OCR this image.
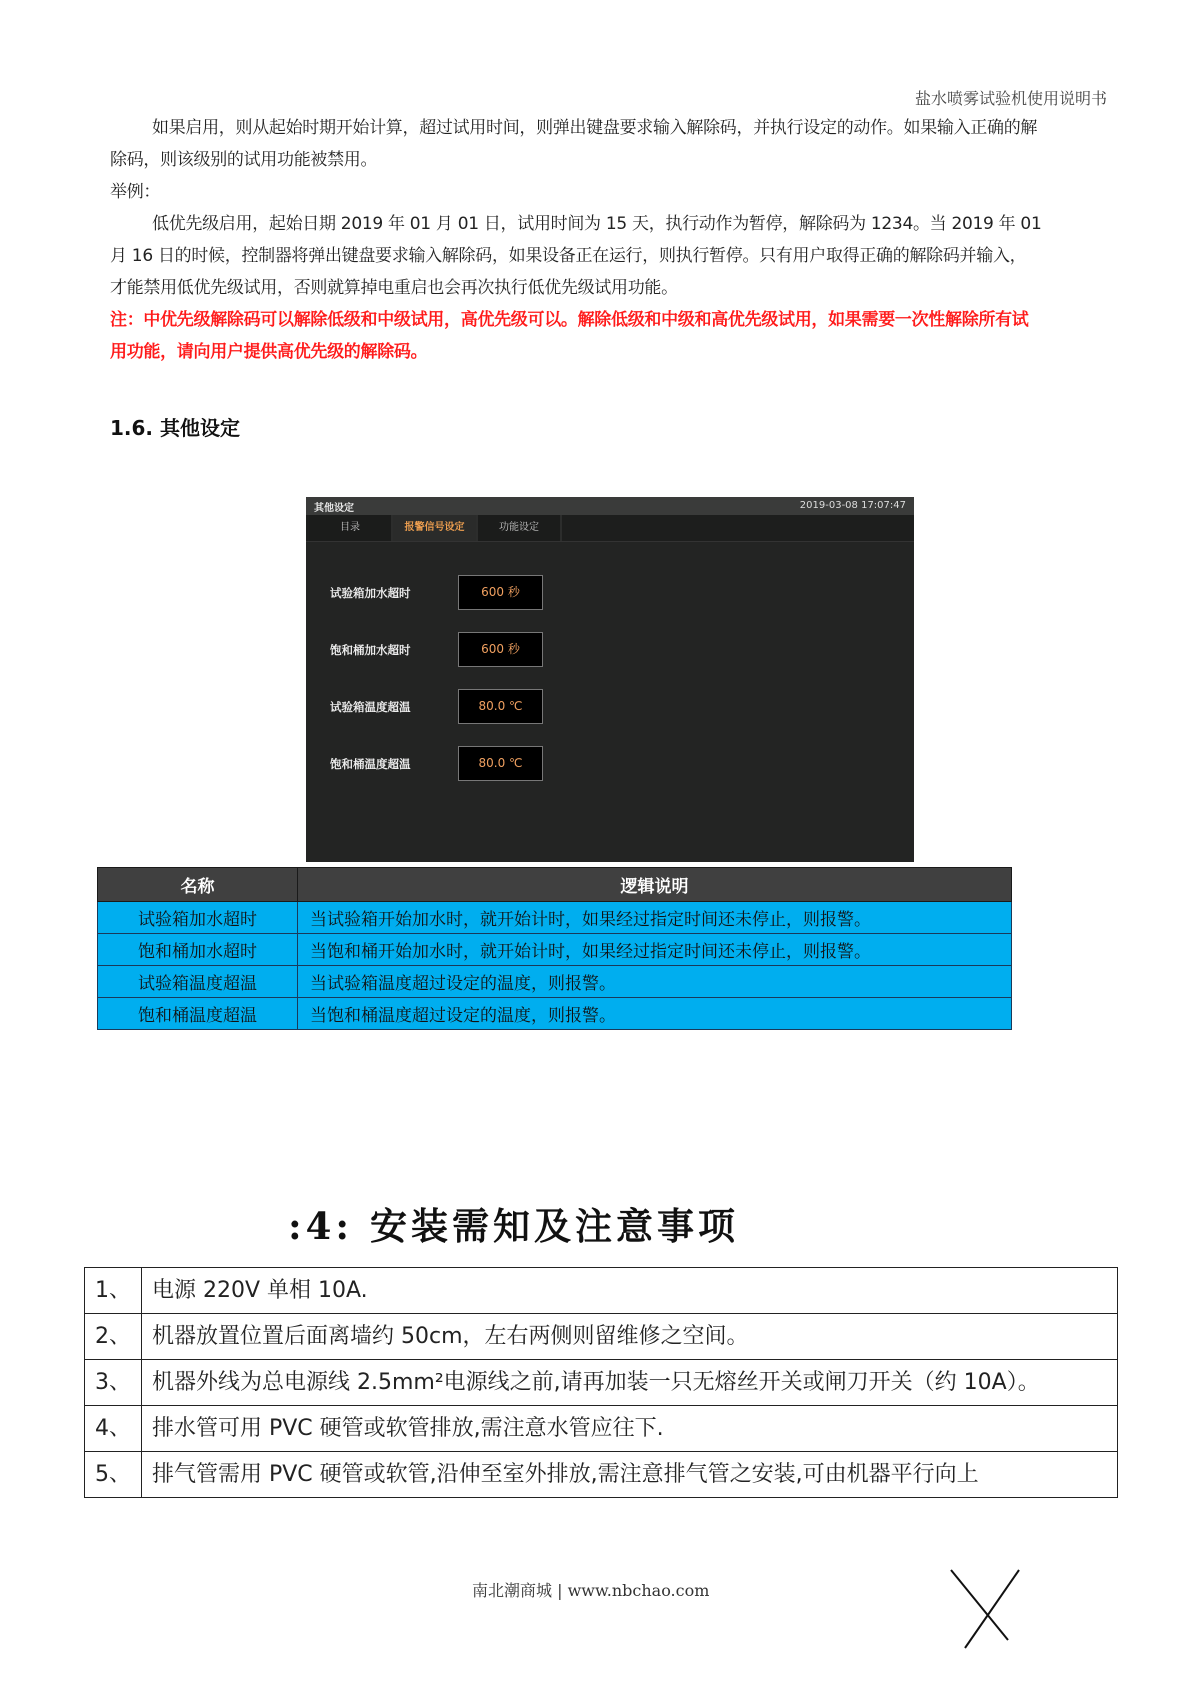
盐水喷雾试验机使用说明书
如果启用，则从起始时期开始计算，超过试用时间，则弹出键盘要求输入解除码，并执行设定的动作。如果输入正确的解
除码，则该级别的试用功能被禁用。
举例：
低优先级启用，起始日期 2019 年 01 月 01 日，试用时间为 15 天，执行动作为暂停，解除码为 1234。当 2019 年 01
月 16 日的时候，控制器将弹出键盘要求输入解除码，如果设备正在运行，则执行暂停。只有用户取得正确的解除码并输入，
才能禁用低优先级试用，否则就算掉电重启也会再次执行低优先级试用功能。
注：中优先级解除码可以解除低级和中级试用，高优先级可以。解除低级和中级和高优先级试用，如果需要一次性解除所有试
用功能，请向用户提供高优先级的解除码。
1.6. 其他设定
其他设定	2019-03-08 17:07:47
目录	报警信号设定	功能设定
试验箱加水超时	600 秒
饱和桶加水超时	600 秒
试验箱温度超温	80.0 ℃
饱和桶温度超温	80.0 ℃
名称	逻辑说明
试验箱加水超时	当试验箱开始加水时，就开始计时，如果经过指定时间还未停止，则报警。
饱和桶加水超时	当饱和桶开始加水时，就开始计时，如果经过指定时间还未停止，则报警。
试验箱温度超温	当试验箱温度超过设定的温度，则报警。
饱和桶温度超温	当饱和桶温度超过设定的温度，则报警。
:4: 安装需知及注意事项
1、	电源 220V 单相 10A.
2、	机器放置位置后面离墙约 50cm，左右两侧则留维修之空间。
3、	机器外线为总电源线 2.5mm²电源线之前,请再加装一只无熔丝开关或闸刀开关（约 10A）。
4、	排水管可用 PVC 硬管或软管排放,需注意水管应往下.
5、	排气管需用 PVC 硬管或软管,沿伸至室外排放,需注意排气管之安装,可由机器平行向上
南北潮商城 | www.nbchao.com
